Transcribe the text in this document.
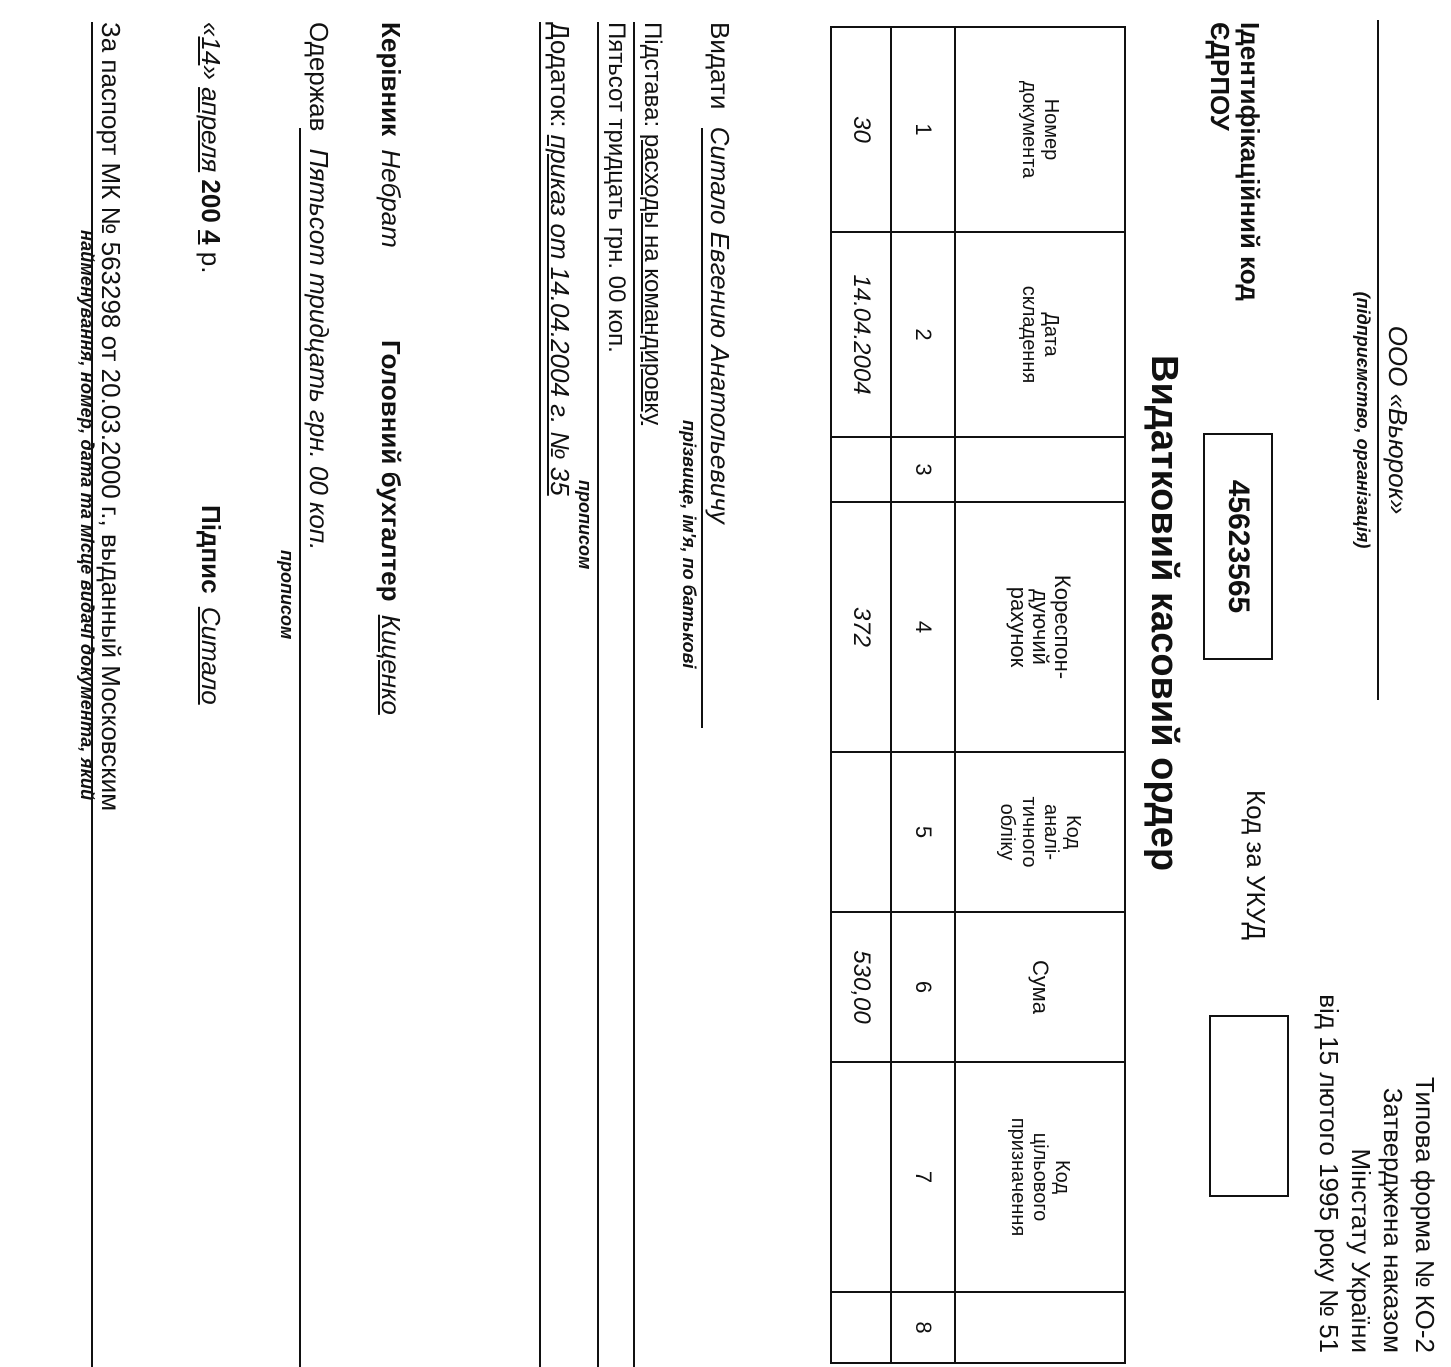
Типова форма № КО-2
Затверджена наказом
Мінстату України
від 15 лютого 1995 року № 51
ООО «Вьюрок»
(підприємство, організація)
Код за УКУД
Ідентифікаційний код
ЄДРПОУ
45623565
Видатковий касовий ордер
Номер документа	Дата складення		Кореспон-дуючий рахунок	Код аналі-тичного обліку	Сума	Код цільового призначення	
1	2	3	4	5	6	7	8
30	14.04.2004		372		530,00		
Видати Ситало Евгению Анатольевичу
прізвище, ім'я, по батькові
Підстава: расходы на командировку
Пятьсот тридцать грн. 00 коп.
прописом
Додаток: приказ от 14.04.2004 г. № 35
Керівник Небрат
Головний бухгалтер Киценко
Одержав Пятьсот тридцать грн. 00 коп.
прописом
«14» апреля 200 4 р.
Підпис Ситало
За паспорт МК № 563298 от 20.03.2000 г., выданный Московским
найменування, номер, дата та місце видачі документа, який
